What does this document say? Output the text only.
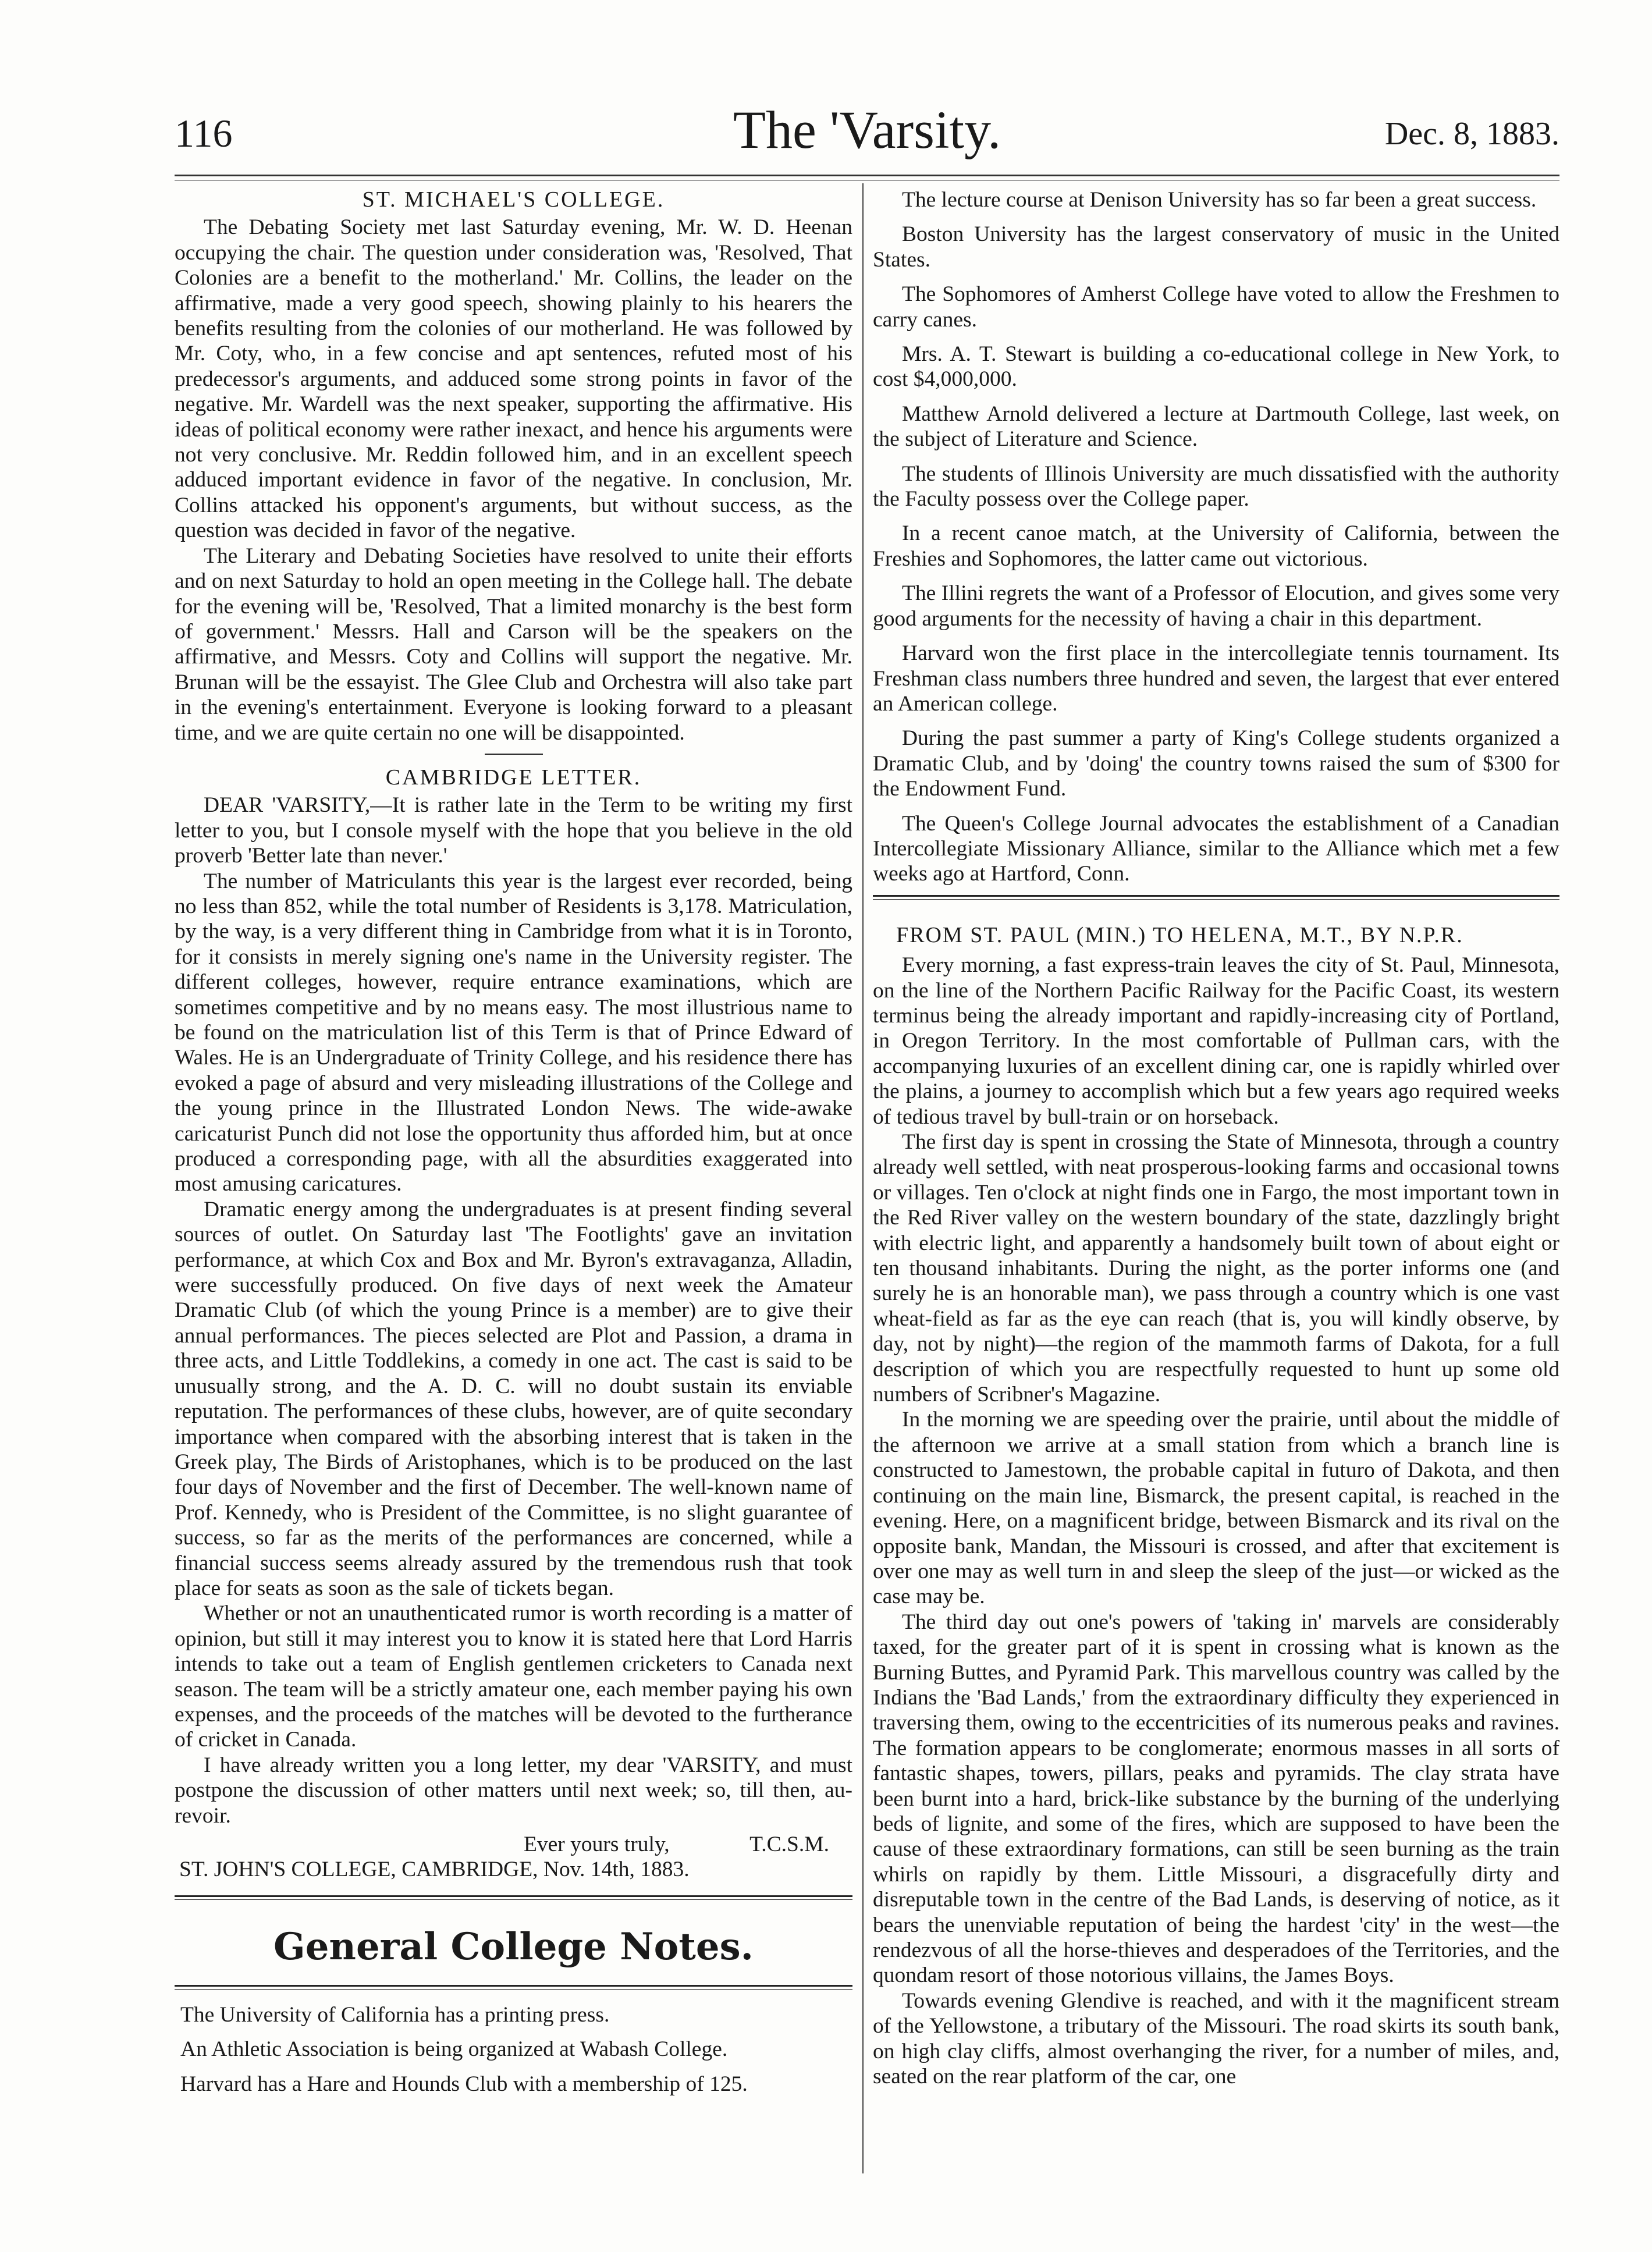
116	The 'Varsity.	Dec. 8, 1883.
ST. MICHAEL'S COLLEGE.

The Debating Society met last Saturday evening, Mr. W. D. Heenan occupying the chair. The question under consideration was, 'Resolved, That Colonies are a benefit to the motherland.' Mr. Collins, the leader on the affirmative, made a very good speech, showing plainly to his hearers the benefits resulting from the colonies of our motherland. He was followed by Mr. Coty, who, in a few concise and apt sentences, refuted most of his predecessor's arguments, and adduced some strong points in favor of the negative. Mr. Wardell was the next speaker, supporting the affirmative. His ideas of political economy were rather inexact, and hence his arguments were not very conclusive. Mr. Reddin followed him, and in an excellent speech adduced important evidence in favor of the negative. In conclusion, Mr. Collins attacked his opponent's arguments, but without success, as the question was decided in favor of the negative.

The Literary and Debating Societies have resolved to unite their efforts and on next Saturday to hold an open meeting in the College hall. The debate for the evening will be, 'Resolved, That a limited monarchy is the best form of government.' Messrs. Hall and Carson will be the speakers on the affirmative, and Messrs. Coty and Collins will support the negative. Mr. Brunan will be the essayist. The Glee Club and Orchestra will also take part in the evening's entertainment. Everyone is looking forward to a pleasant time, and we are quite certain no one will be disappointed.

CAMBRIDGE LETTER.

DEAR 'VARSITY,—It is rather late in the Term to be writing my first letter to you, but I console myself with the hope that you believe in the old proverb 'Better late than never.'

The number of Matriculants this year is the largest ever recorded, being no less than 852, while the total number of Residents is 3,178. Matriculation, by the way, is a very different thing in Cambridge from what it is in Toronto, for it consists in merely signing one's name in the University register. The different colleges, however, require entrance examinations, which are sometimes competitive and by no means easy. The most illustrious name to be found on the matriculation list of this Term is that of Prince Edward of Wales. He is an Undergraduate of Trinity College, and his residence there has evoked a page of absurd and very misleading illustrations of the College and the young prince in the Illustrated London News. The wide-awake caricaturist Punch did not lose the opportunity thus afforded him, but at once produced a corresponding page, with all the absurdities exaggerated into most amusing caricatures.

Dramatic energy among the undergraduates is at present finding several sources of outlet. On Saturday last 'The Footlights' gave an invitation performance, at which Cox and Box and Mr. Byron's extravaganza, Alladin, were successfully produced. On five days of next week the Amateur Dramatic Club (of which the young Prince is a member) are to give their annual performances. The pieces selected are Plot and Passion, a drama in three acts, and Little Toddlekins, a comedy in one act. The cast is said to be unusually strong, and the A. D. C. will no doubt sustain its enviable reputation. The performances of these clubs, however, are of quite secondary importance when compared with the absorbing interest that is taken in the Greek play, The Birds of Aristophanes, which is to be produced on the last four days of November and the first of December. The well-known name of Prof. Kennedy, who is President of the Committee, is no slight guarantee of success, so far as the merits of the performances are concerned, while a financial success seems already assured by the tremendous rush that took place for seats as soon as the sale of tickets began.

Whether or not an unauthenticated rumor is worth recording is a matter of opinion, but still it may interest you to know it is stated here that Lord Harris intends to take out a team of English gentlemen cricketers to Canada next season. The team will be a strictly amateur one, each member paying his own expenses, and the proceeds of the matches will be devoted to the furtherance of cricket in Canada.

I have already written you a long letter, my dear 'VARSITY, and must postpone the discussion of other matters until next week; so, till then, au-revoir.

Ever yours truly,	T.C.S.M.
ST. JOHN'S COLLEGE, CAMBRIDGE, Nov. 14th, 1883.
General College Notes.

The University of California has a printing press.

An Athletic Association is being organized at Wabash College.

Harvard has a Hare and Hounds Club with a membership of 125.

The lecture course at Denison University has so far been a great success.

Boston University has the largest conservatory of music in the United States.

The Sophomores of Amherst College have voted to allow the Freshmen to carry canes.

Mrs. A. T. Stewart is building a co-educational college in New York, to cost $4,000,000.

Matthew Arnold delivered a lecture at Dartmouth College, last week, on the subject of Literature and Science.

The students of Illinois University are much dissatisfied with the authority the Faculty possess over the College paper.

In a recent canoe match, at the University of California, between the Freshies and Sophomores, the latter came out victorious.

The Illini regrets the want of a Professor of Elocution, and gives some very good arguments for the necessity of having a chair in this department.

Harvard won the first place in the intercollegiate tennis tournament. Its Freshman class numbers three hundred and seven, the largest that ever entered an American college.

During the past summer a party of King's College students organized a Dramatic Club, and by 'doing' the country towns raised the sum of $300 for the Endowment Fund.

The Queen's College Journal advocates the establishment of a Canadian Intercollegiate Missionary Alliance, similar to the Alliance which met a few weeks ago at Hartford, Conn.

FROM ST. PAUL (MIN.) TO HELENA, M.T., BY N.P.R.

Every morning, a fast express-train leaves the city of St. Paul, Minnesota, on the line of the Northern Pacific Railway for the Pacific Coast, its western terminus being the already important and rapidly-increasing city of Portland, in Oregon Territory. In the most comfortable of Pullman cars, with the accompanying luxuries of an excellent dining car, one is rapidly whirled over the plains, a journey to accomplish which but a few years ago required weeks of tedious travel by bull-train or on horseback.

The first day is spent in crossing the State of Minnesota, through a country already well settled, with neat prosperous-looking farms and occasional towns or villages. Ten o'clock at night finds one in Fargo, the most important town in the Red River valley on the western boundary of the state, dazzlingly bright with electric light, and apparently a handsomely built town of about eight or ten thousand inhabitants. During the night, as the porter informs one (and surely he is an honorable man), we pass through a country which is one vast wheat-field as far as the eye can reach (that is, you will kindly observe, by day, not by night)—the region of the mammoth farms of Dakota, for a full description of which you are respectfully requested to hunt up some old numbers of Scribner's Magazine.

In the morning we are speeding over the prairie, until about the middle of the afternoon we arrive at a small station from which a branch line is constructed to Jamestown, the probable capital in futuro of Dakota, and then continuing on the main line, Bismarck, the present capital, is reached in the evening. Here, on a magnificent bridge, between Bismarck and its rival on the opposite bank, Mandan, the Missouri is crossed, and after that excitement is over one may as well turn in and sleep the sleep of the just—or wicked as the case may be.

The third day out one's powers of 'taking in' marvels are considerably taxed, for the greater part of it is spent in crossing what is known as the Burning Buttes, and Pyramid Park. This marvellous country was called by the Indians the 'Bad Lands,' from the extraordinary difficulty they experienced in traversing them, owing to the eccentricities of its numerous peaks and ravines. The formation appears to be conglomerate; enormous masses in all sorts of fantastic shapes, towers, pillars, peaks and pyramids. The clay strata have been burnt into a hard, brick-like substance by the burning of the underlying beds of lignite, and some of the fires, which are supposed to have been the cause of these extraordinary formations, can still be seen burning as the train whirls on rapidly by them. Little Missouri, a disgracefully dirty and disreputable town in the centre of the Bad Lands, is deserving of notice, as it bears the unenviable reputation of being the hardest 'city' in the west—the rendezvous of all the horse-thieves and desperadoes of the Territories, and the quondam resort of those notorious villains, the James Boys.

Towards evening Glendive is reached, and with it the magnificent stream of the Yellowstone, a tributary of the Missouri. The road skirts its south bank, on high clay cliffs, almost overhanging the river, for a number of miles, and, seated on the rear platform of the car, one
